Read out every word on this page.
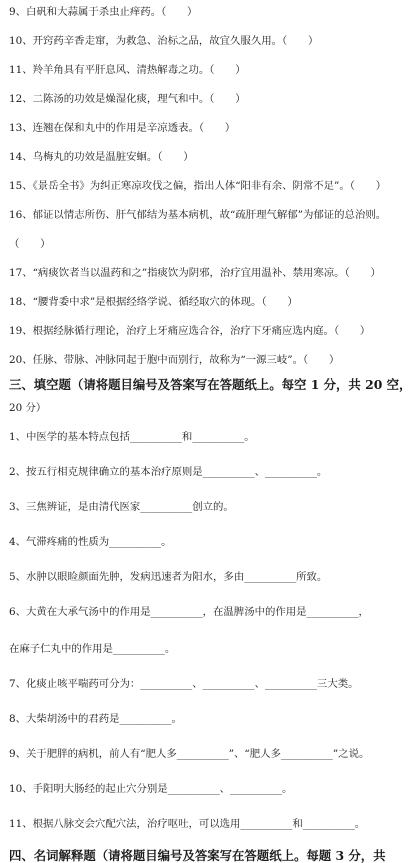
9、白矾和大蒜属于杀虫止痒药。（　　）
10、开窍药辛香走窜，为救急、治标之品，故宜久服久用。（　　）
11、羚羊角具有平肝息风、清热解毒之功。（　　）
12、二陈汤的功效是燥湿化痰，理气和中。（　　）
13、连翘在保和丸中的作用是辛凉透表。（　　）
14、乌梅丸的功效是温脏安蛔。（　　）
15、《景岳全书》为纠正寒凉攻伐之偏，指出人体“阳非有余、阴常不足”。（　　）
16、郁证以情志所伤、肝气郁结为基本病机，故“疏肝理气解郁”为郁证的总治则。
（　　）
17、“病痰饮者当以温药和之”指痰饮为阴邪，治疗宜用温补、禁用寒凉。（　　）
18、“腰背委中求”是根据经络学说、循经取穴的体现。（　　）
19、根据经脉循行理论，治疗上牙痛应选合谷，治疗下牙痛应选内庭。（　　）
20、任脉、带脉、冲脉同起于胞中而别行，故称为“一源三岐”。（　　）
三、填空题（请将题目编号及答案写在答题纸上。每空 1 分，共 20 空，
20 分）
1、中医学的基本特点包括__________和__________。
2、按五行相克规律确立的基本治疗原则是__________、__________。
3、三焦辨证，是由清代医家__________创立的。
4、气滞疼痛的性质为__________。
5、水肿以眼睑颜面先肿，发病迅速者为阳水，多由__________所致。
6、大黄在大承气汤中的作用是__________，在温脾汤中的作用是__________，
在麻子仁丸中的作用是__________。
7、化痰止咳平喘药可分为：__________、__________、__________三大类。
8、大柴胡汤中的君药是__________。
9、关于肥胖的病机，前人有“肥人多__________”、“肥人多__________”之说。
10、手阳明大肠经的起止穴分别是__________、__________。
11、根据八脉交会穴配穴法，治疗呕吐，可以选用__________和__________。
四、名词解释题（请将题目编号及答案写在答题纸上。每题 3 分，共
